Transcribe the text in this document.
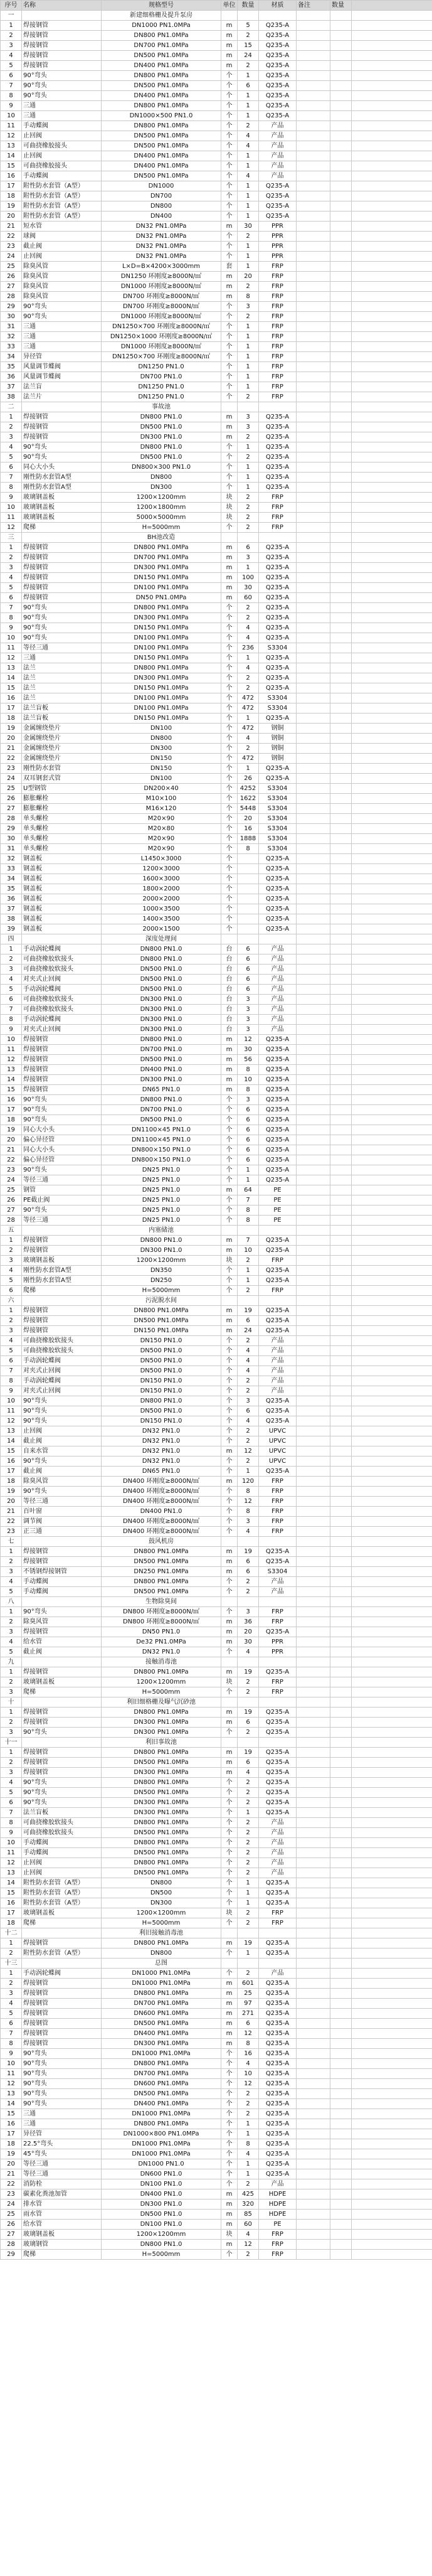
序号	名称	规格型号	单位	数量	材质	备注	数量	
一		新建细格栅及提升泵房						
1	焊接钢管	DN1000 PN1.0MPa	m	5	Q235-A			
2	焊接钢管	DN800 PN1.0MPa	m	2	Q235-A			
3	焊接钢管	DN700 PN1.0MPa	m	15	Q235-A			
4	焊接钢管	DN500 PN1.0MPa	m	24	Q235-A			
5	焊接钢管	DN400 PN1.0MPa	m	2	Q235-A			
6	90°弯头	DN800 PN1.0MPa	个	1	Q235-A			
7	90°弯头	DN500 PN1.0MPa	个	6	Q235-A			
8	90°弯头	DN400 PN1.0MPa	个	1	Q235-A			
9	三通	DN800 PN1.0MPa	个	1	Q235-A			
10	三通	DN1000×500 PN1.0	个	1	Q235-A			
11	手动蝶阀	DN800 PN1.0MPa	个	2	产品			
12	止回阀	DN500 PN1.0MPa	个	4	产品			
13	可曲挠橡胶接头	DN500 PN1.0MPa	个	4	产品			
14	止回阀	DN400 PN1.0MPa	个	1	产品			
15	可曲挠橡胶接头	DN400 PN1.0MPa	个	1	产品			
16	手动蝶阀	DN500 PN1.0MPa	个	4	产品			
17	附性防水套管（A型）	DN1000	个	1	Q235-A			
18	附性防水套管（A型）	DN700	个	1	Q235-A			
19	附性防水套管（A型）	DN800	个	1	Q235-A			
20	附性防水套管（A型）	DN400	个	1	Q235-A			
21	短水管	DN32 PN1.0MPa	m	30	PPR			
22	球阀	DN32 PN1.0MPa	个	2	PPR			
23	截止阀	DN32 PN1.0MPa	个	1	PPR			
24	止回阀	DN32 PN1.0MPa	个	1	PPR			
25	除臭风管	L×D=B×4200×3000mm	套	1	FRP			
26	除臭风管	DN1250 环刚度≥8000N/㎡	m	20	FRP			
27	除臭风管	DN1000 环刚度≥8000N/㎡	m	2	FRP			
28	除臭风管	DN700 环刚度≥8000N/㎡	m	8	FRP			
29	90°弯头	DN700 环刚度≥8000N/㎡	个	3	FRP			
30	90°弯头	DN1000 环刚度≥8000N/㎡	个	2	FRP			
31	三通	DN1250×700 环刚度≥8000N/㎡	个	1	FRP			
32	三通	DN1250×1000 环刚度≥8000N/㎡	个	1	FRP			
33	三通	DN1000 环刚度≥8000N/㎡	个	1	FRP			
34	异径管	DN1250×700 环刚度≥8000N/㎡	个	1	FRP			
35	风量调节蝶阀	DN1250 PN1.0	个	1	FRP			
36	风量调节蝶阀	DN700 PN1.0	个	1	FRP			
37	法兰盲	DN1250 PN1.0	个	1	FRP			
38	法兰片	DN1250 PN1.0	个	2	FRP			
二		事故池						
1	焊接钢管	DN800 PN1.0	m	3	Q235-A			
2	焊接钢管	DN500 PN1.0	m	3	Q235-A			
3	焊接钢管	DN300 PN1.0	m	2	Q235-A			
4	90°弯头	DN800 PN1.0	个	1	Q235-A			
5	90°弯头	DN500 PN1.0	个	2	Q235-A			
6	同心大小头	DN800×300 PN1.0	个	1	Q235-A			
7	刚性防水套管A型	DN800	个	1	Q235-A			
8	刚性防水套管A型	DN300	个	1	Q235-A			
9	玻璃钢盖板	1200×1200mm	块	2	FRP			
10	玻璃钢盖板	1200×1800mm	块	2	FRP			
11	玻璃钢盖板	5000×5000mm	块	2	FRP			
12	爬梯	H=5000mm	个	2	FRP			
三		BH池改造						
1	焊接钢管	DN800 PN1.0MPa	m	6	Q235-A			
2	焊接钢管	DN700 PN1.0MPa	m	3	Q235-A			
3	焊接钢管	DN300 PN1.0MPa	m	1	Q235-A			
4	焊接钢管	DN150 PN1.0MPa	m	100	Q235-A			
5	焊接钢管	DN100 PN1.0MPa	m	30	Q235-A			
6	焊接钢管	DN50 PN1.0MPa	m	60	Q235-A			
7	90°弯头	DN800 PN1.0MPa	个	2	Q235-A			
8	90°弯头	DN300 PN1.0MPa	个	2	Q235-A			
9	90°弯头	DN150 PN1.0MPa	个	4	Q235-A			
10	90°弯头	DN100 PN1.0MPa	个	4	Q235-A			
11	等径三通	DN100 PN1.0MPa	个	236	S3304			
12	三通	DN150 PN1.0MPa	个	1	Q235-A			
13	法兰	DN800 PN1.0MPa	个	4	Q235-A			
14	法兰	DN300 PN1.0MPa	个	2	Q235-A			
15	法兰	DN150 PN1.0MPa	个	2	Q235-A			
16	法兰	DN100 PN1.0MPa	个	472	S3304			
17	法兰盲板	DN100 PN1.0MPa	个	472	S3304			
18	法兰盲板	DN150 PN1.0MPa	个	1	Q235-A			
19	金属缠绕垫片	DN100	个	472	钢铜			
20	金属缠绕垫片	DN800	个	4	钢铜			
21	金属缠绕垫片	DN300	个	2	钢铜			
22	金属缠绕垫片	DN150	个	472	钢铜			
23	刚性防水套管	DN150	个	1	Q235-A			
24	双耳钢套式管	DN100	个	26	Q235-A			
25	U型钢管	DN200×40	个	4252	S3304			
26	膨胀螺栓	M10×100	个	1622	S3304			
27	膨胀螺栓	M16×120	个	5448	S3304			
28	单头螺栓	M20×90	个	20	S3304			
29	单头螺栓	M20×80	个	16	S3304			
30	单头螺栓	M20×90	个	1888	S3304			
31	单头螺栓	M20×90	个	8	S3304			
32	钢盖板	L1450×3000	个		Q235-A			
33	钢盖板	1200×3000	个		Q235-A			
34	钢盖板	1600×3000	个		Q235-A			
35	钢盖板	1800×2000	个		Q235-A			
36	钢盖板	2000×2000	个		Q235-A			
37	钢盖板	1000×3500	个		Q235-A			
38	钢盖板	1400×3500	个		Q235-A			
39	钢盖板	2000×1500	个		Q235-A			
四		深度处理间						
1	手动涡轮蝶阀	DN800 PN1.0	台	6	产品			
2	可曲挠橡胶软接头	DN800 PN1.0	台	6	产品			
3	可曲挠橡胶软接头	DN500 PN1.0	台	6	产品			
4	对夹式止回阀	DN500 PN1.0	台	6	产品			
5	手动涡轮蝶阀	DN500 PN1.0	台	6	产品			
6	可曲挠橡胶软接头	DN300 PN1.0	台	3	产品			
7	可曲挠橡胶软接头	DN300 PN1.0	台	3	产品			
8	手动涡轮蝶阀	DN300 PN1.0	台	3	产品			
9	对夹式止回阀	DN300 PN1.0	台	3	产品			
10	焊接钢管	DN800 PN1.0	m	12	Q235-A			
11	焊接钢管	DN700 PN1.0	m	30	Q235-A			
12	焊接钢管	DN500 PN1.0	m	56	Q235-A			
13	焊接钢管	DN400 PN1.0	m	8	Q235-A			
14	焊接钢管	DN300 PN1.0	m	10	Q235-A			
15	焊接钢管	DN65 PN1.0	m	8	Q235-A			
16	90°弯头	DN800 PN1.0	个	3	Q235-A			
17	90°弯头	DN700 PN1.0	个	6	Q235-A			
18	90°弯头	DN500 PN1.0	个	6	Q235-A			
19	同心大小头	DN1100×45 PN1.0	个	6	Q235-A			
20	偏心异径管	DN1100×45 PN1.0	个	6	Q235-A			
21	同心大小头	DN800×150 PN1.0	个	6	Q235-A			
22	偏心异径管	DN800×150 PN1.0	个	6	Q235-A			
23	90°弯头	DN25 PN1.0	个	1	Q235-A			
24	等径三通	DN25 PN1.0	个	1	Q235-A			
25	钢管	DN25 PN1.0	m	64	PE			
26	PE截止阀	DN25 PN1.0	个	7	PE			
27	90°弯头	DN25 PN1.0	个	8	PE			
28	等径三通	DN25 PN1.0	个	8	PE			
五		内塞储池						
1	焊接钢管	DN800 PN1.0	m	7	Q235-A			
2	焊接钢管	DN300 PN1.0	m	10	Q235-A			
3	玻璃钢盖板	1200×1200mm	块	2	FRP			
4	刚性防水套管A型	DN350	个	1	Q235-A			
5	刚性防水套管A型	DN250	个	1	Q235-A			
6	爬梯	H=5000mm	个	2	FRP			
六		污泥脱水间						
1	焊接钢管	DN800 PN1.0MPa	m	19	Q235-A			
2	焊接钢管	DN500 PN1.0MPa	m	6	Q235-A			
3	焊接钢管	DN150 PN1.0MPa	m	24	Q235-A			
4	可曲挠橡胶软接头	DN150 PN1.0	个	2	产品			
5	可曲挠橡胶软接头	DN500 PN1.0	个	4	产品			
6	手动涡轮蝶阀	DN500 PN1.0	个	4	产品			
7	对夹式止回阀	DN500 PN1.0	个	4	产品			
8	手动涡轮蝶阀	DN150 PN1.0	个	2	产品			
9	对夹式止回阀	DN150 PN1.0	个	2	产品			
10	90°弯头	DN800 PN1.0	个	3	Q235-A			
11	90°弯头	DN500 PN1.0	个	6	Q235-A			
12	90°弯头	DN150 PN1.0	个	4	Q235-A			
13	止回阀	DN32 PN1.0	个	2	UPVC			
14	截止阀	DN32 PN1.0	个	2	UPVC			
15	自来水管	DN32 PN1.0	m	12	UPVC			
16	90°弯头	DN32 PN1.0	个	2	UPVC			
17	截止阀	DN65 PN1.0	个	1	Q235-A			
18	除臭风管	DN400 环刚度≥8000N/㎡	m	120	FRP			
19	90°弯头	DN400 环刚度≥8000N/㎡	个	8	FRP			
20	等径三通	DN400 环刚度≥8000N/㎡	个	12	FRP			
21	百叶窗	DN400 PN1.0	个	8	FRP			
22	调节阀	DN400 环刚度≥8000N/㎡	个	3	FRP			
23	正三通	DN400 环刚度≥8000N/㎡	个	4	FRP			
七		鼓风机房						
1	焊接钢管	DN800 PN1.0MPa	m	19	Q235-A			
2	焊接钢管	DN500 PN1.0MPa	m	6	Q235-A			
3	不锈钢焊接钢管	DN250 PN1.0MPa	m	6	S3304			
4	手动蝶阀	DN800 PN1.0MPa	个	2	产品			
5	手动蝶阀	DN500 PN1.0MPa	个	2	产品			
八		生物除臭间						
1	90°弯头	DN800 环刚度≥8000N/㎡	个	3	FRP			
2	除臭风管	DN800 环刚度≥8000N/㎡	m	36	FRP			
3	焊接钢管	DN50 PN1.0	m	20	Q235-A			
4	给水管	De32 PN1.0MPa	m	30	PPR			
5	截止阀	DN32 PN1.0	个	4	PPR			
九		接触消毒池						
1	焊接钢管	DN800 PN1.0MPa	m	19	Q235-A			
2	玻璃钢盖板	1200×1200mm	块	2	FRP			
3	爬梯	H=5000mm	个	2	FRP			
十		利旧细格栅及曝气沉砂池						
1	焊接钢管	DN800 PN1.0MPa	m	19	Q235-A			
2	焊接钢管	DN300 PN1.0MPa	m	6	Q235-A			
3	90°弯头	DN300 PN1.0MPa	个	2	Q235-A			
十一		利旧事故池						
1	焊接钢管	DN800 PN1.0MPa	m	19	Q235-A			
2	焊接钢管	DN500 PN1.0MPa	m	6	Q235-A			
3	焊接钢管	DN300 PN1.0MPa	m	4	Q235-A			
4	90°弯头	DN800 PN1.0MPa	个	2	Q235-A			
5	90°弯头	DN500 PN1.0MPa	个	2	Q235-A			
6	90°弯头	DN300 PN1.0MPa	个	2	Q235-A			
7	法兰盲板	DN300 PN1.0MPa	个	1	Q235-A			
8	可曲挠橡胶软接头	DN800 PN1.0MPa	个	2	产品			
9	可曲挠橡胶软接头	DN500 PN1.0MPa	个	2	产品			
10	手动蝶阀	DN800 PN1.0MPa	个	2	产品			
11	手动蝶阀	DN500 PN1.0MPa	个	2	产品			
12	止回阀	DN800 PN1.0MPa	个	2	产品			
13	止回阀	DN500 PN1.0MPa	个	2	产品			
14	附性防水套管（A型）	DN800	个	1	Q235-A			
15	附性防水套管（A型）	DN500	个	1	Q235-A			
16	附性防水套管（A型）	DN300	个	1	Q235-A			
17	玻璃钢盖板	1200×1200mm	块	2	FRP			
18	爬梯	H=5000mm	个	2	FRP			
十二		利旧接触消毒池						
1	焊接钢管	DN800 PN1.0MPa	m	19	Q235-A			
2	附性防水套管（A型）	DN800	个	1	Q235-A			
十三		总图						
1	手动涡轮蝶阀	DN1000 PN1.0MPa	个	2	产品			
2	焊接钢管	DN1000 PN1.0MPa	m	601	Q235-A			
3	焊接钢管	DN800 PN1.0MPa	m	25	Q235-A			
4	焊接钢管	DN700 PN1.0MPa	m	97	Q235-A			
5	焊接钢管	DN600 PN1.0MPa	m	271	Q235-A			
6	焊接钢管	DN500 PN1.0MPa	m	6	Q235-A			
7	焊接钢管	DN400 PN1.0MPa	m	12	Q235-A			
8	焊接钢管	DN300 PN1.0MPa	m	8	Q235-A			
9	90°弯头	DN1000 PN1.0MPa	个	16	Q235-A			
10	90°弯头	DN800 PN1.0MPa	个	4	Q235-A			
11	90°弯头	DN700 PN1.0MPa	个	10	Q235-A			
12	90°弯头	DN600 PN1.0MPa	个	12	Q235-A			
13	90°弯头	DN500 PN1.0MPa	个	2	Q235-A			
14	90°弯头	DN400 PN1.0MPa	个	2	Q235-A			
15	三通	DN1000 PN1.0MPa	个	2	Q235-A			
16	三通	DN800 PN1.0MPa	个	1	Q235-A			
17	异径管	DN1000×800 PN1.0MPa	个	1	Q235-A			
18	22.5°弯头	DN1000 PN1.0MPa	个	8	Q235-A			
19	45°弯头	DN1000 PN1.0MPa	个	4	Q235-A			
20	等径三通	DN1000 PN1.0	个	1	Q235-A			
21	等径三通	DN600 PN1.0	个	1	Q235-A			
22	消防栓	DN100 PN1.0	个	2	产品			
23	碳素化粪池加管	DN400 PN1.0	m	425	HDPE			
24	排水管	DN300 PN1.0	m	320	HDPE			
25	雨水管	DN500 PN1.0	m	85	HDPE			
26	给水管	DN100 PN1.0	m	60	PE			
27	玻璃钢盖板	1200×1200mm	块	4	FRP			
28	玻璃钢管	DN800 PN1.0	m	12	FRP			
29	爬梯	H=5000mm	个	2	FRP			
